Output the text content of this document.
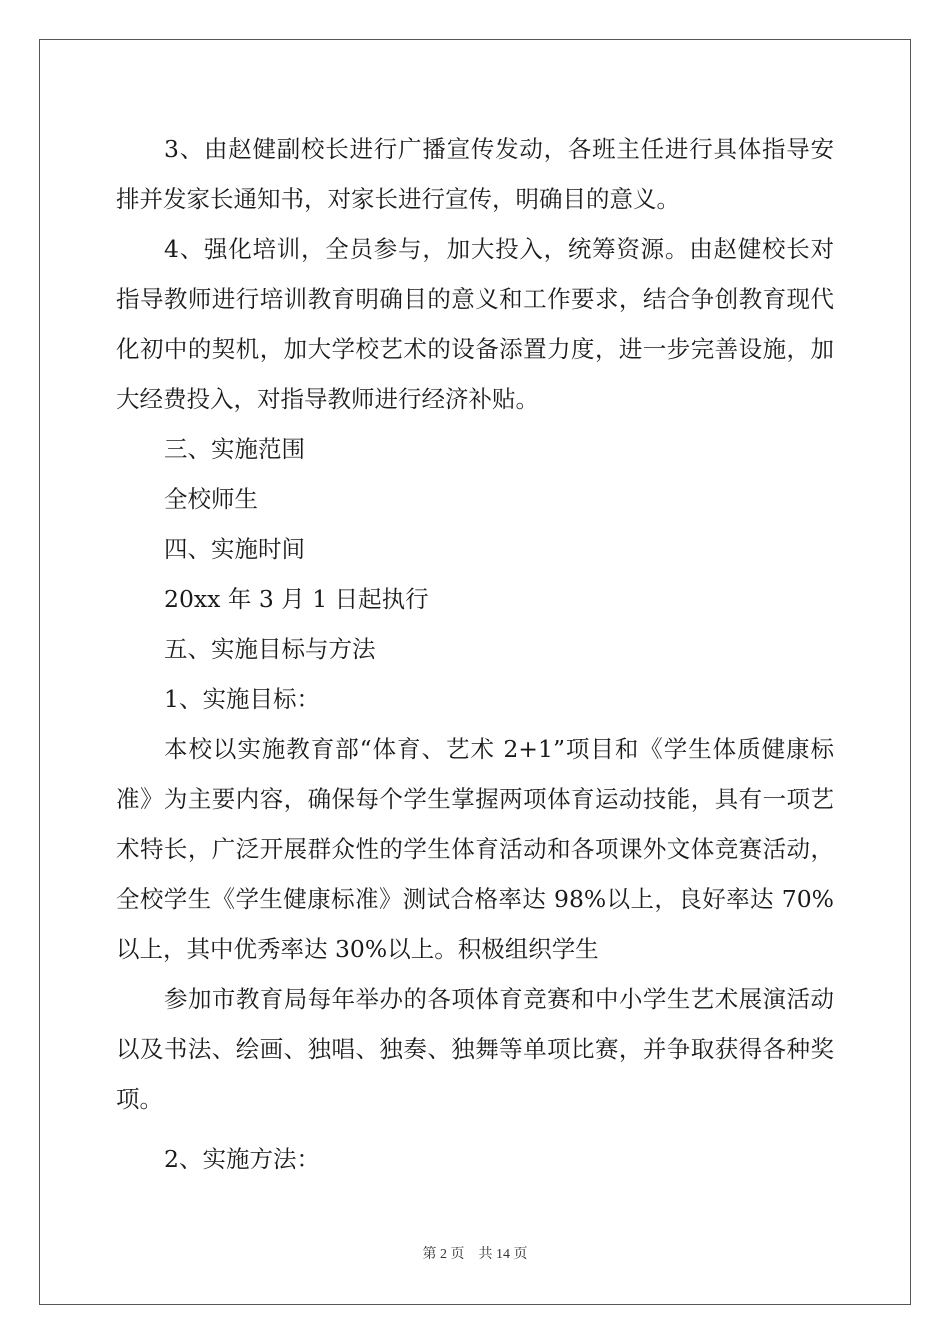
3、由赵健副校长进行广播宣传发动，各班主任进行具体指导安排并发家长通知书，对家长进行宣传，明确目的意义。

4、强化培训，全员参与，加大投入，统筹资源。由赵健校长对指导教师进行培训教育明确目的意义和工作要求，结合争创教育现代化初中的契机，加大学校艺术的设备添置力度，进一步完善设施，加大经费投入，对指导教师进行经济补贴。

三、实施范围

全校师生

四、实施时间

20xx 年 3 月 1 日起执行

五、实施目标与方法

1、实施目标：

本校以实施教育部“体育、艺术 2+1”项目和《学生体质健康标准》为主要内容，确保每个学生掌握两项体育运动技能，具有一项艺术特长，广泛开展群众性的学生体育活动和各项课外文体竞赛活动，全校学生《学生健康标准》测试合格率达 98%以上，良好率达 70%以上，其中优秀率达 30%以上。积极组织学生

参加市教育局每年举办的各项体育竞赛和中小学生艺术展演活动以及书法、绘画、独唱、独奏、独舞等单项比赛，并争取获得各种奖项。

2、实施方法：

第 2 页 共 14 页
